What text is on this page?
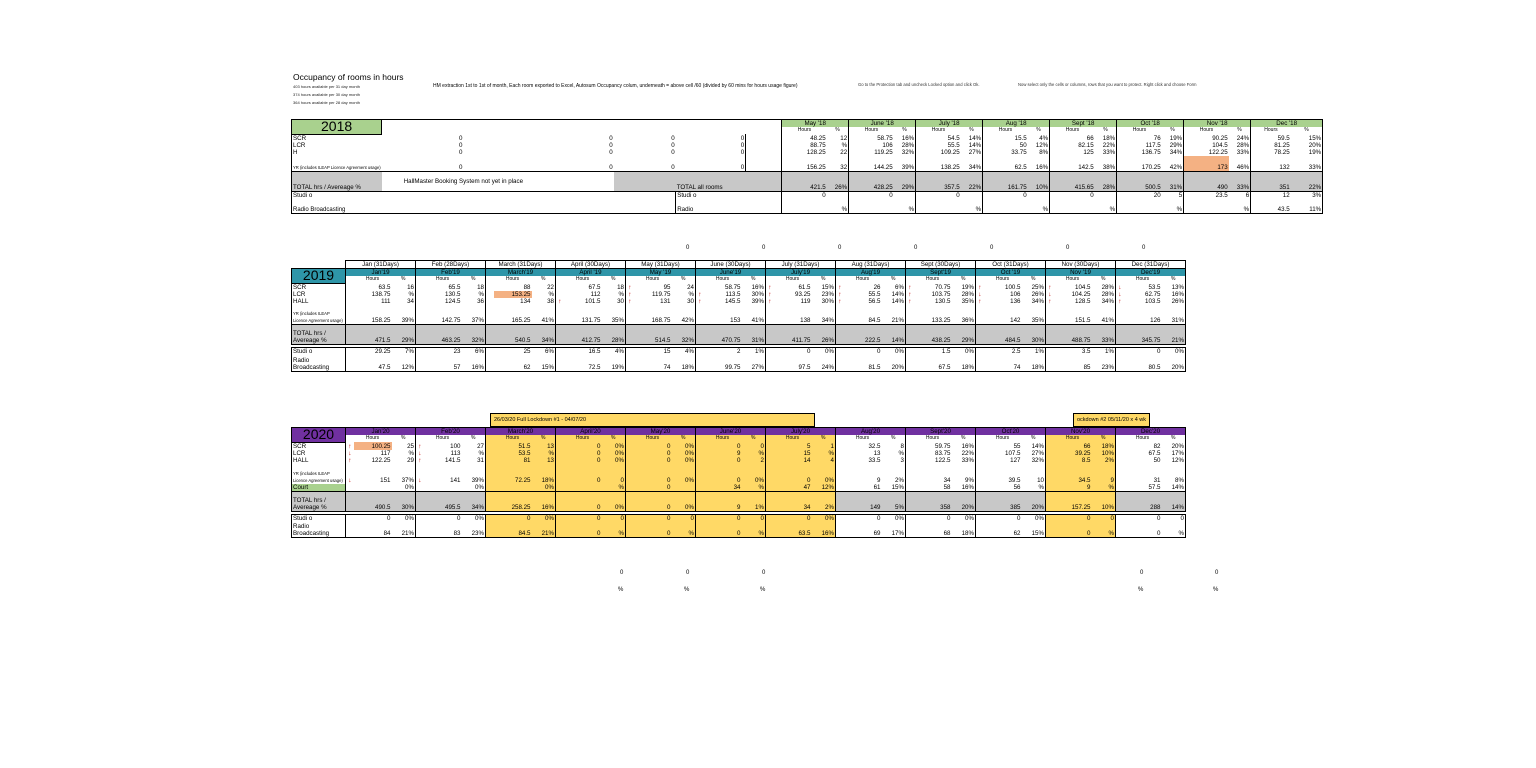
Occupancy of rooms in hours
403 hours available per 31 day month
374 hours available per 30 day month
364 hours available per 28 day month
HM extraction 1st to 1st of month, Each room exported to Excel, Autosum Occupancy colum, underneath = above cell /60 (divided by 60 mins for hours usage figure)	Go to the Protection tab and uncheck Locked option and click Ok.	Now select only the cells or columns, rows that you want to protect. Right click and choose Form
2018						May '18		June '18		July '18		Aug '18		Sept '18		Oct '18		Nov '18		Dec '18	
						Hours	%	Hours	%	Hours	%	Hours	%	Hours	%	Hours	%	Hours	%	Hours	%
SCR	0	0	0	0		48.25	12	58.75	16%	54.5	14%	15.5	4%	66	18%	76	19%	90.25	24%	59.5	15%
LCR	0	0	0	0		88.75	%	106	28%	55.5	14%	50	12%	82.15	22%	117.5	29%	104.5	28%	81.25	20%
H	0	0	0	0		128.25	22	119.25	32%	109.25	27%	33.75	8%	125	33%	136.75	34%	122.25	33%	78.25	19%
YR (includes ILEAP Licence Agreement usage)	0	0	0	0		156.25	32	144.25	39%	138.25	34%	62.5	16%	142.5	38%	170.25	42%	173	46%	132	33%
TOTAL hrs / Avereage %	HallMaster Booking System not yet in place			TOTAL all rooms		421.5	26%	428.25	29%	357.5	22%	161.75	10%	415.65	28%	500.5	31%	490	33%	351	22%
Studi o				Studi o		0		0		0		0		0		20	5	23.5	6	12	3%
Radio Broadcasting				Radio			%		%		%		%		%		%		%	43.5	11%
	Jan (31Days)			Feb (28Days)			March (31Days)			April (30Days)			May (31Days)			June (30Days)			July (31Days)			Aug (31Days)			Sept (30Days)			Oct (31Days)			Nov (30Days)			Dec (31Days)		
2019	Jan'19			Feb'19			March'19			April '19			May '19			June'19			July'19			Aug'19			Sept'19			Oct '19			Nov '19			Dec'19		
		Hours	%		Hours	%		Hours	%		Hours	%		Hours	%		Hours	%		Hours	%		Hours	%		Hours	%		Hours	%		Hours	%		Hours	%
SCR		63.5	16		65.5	18		88	22		67.5	18	↑	95	24		58.75	16%	↑	61.5	15%	↑	26	6%	↑	70.75	19%	↑	100.5	25%	↑	104.5	28%	↓	53.5	13%
LCR		138.75	%		130.5	%		153.25	%		112	%	↑	119.75	%	↑	113.5	30%	↑	93.25	23%	↑	55.5	14%	↑	103.75	28%	↓	106	26%	↓	104.25	28%	↓	62.75	16%
HALL		111	34		124.5	36		134	38	↑	101.5	30	↑	131	30	↑	145.5	39%	↑	119	30%	↑	56.5	14%	↑	130.5	35%	↑	136	34%	↑	128.5	34%	↑	103.5	26%
YR (includes ILEAP Licence Agreement usage)		158.25	39%		142.75	37%		165.25	41%		131.75	35%		168.75	42%		153	41%		138	34%		84.5	21%		133.25	36%		142	35%		151.5	41%		126	31%
TOTAL hrs / Avereage %		471.5	29%		463.25	32%		540.5	34%		412.75	28%		514.5	32%		470.75	31%		411.75	26%		222.5	14%		438.25	29%		484.5	30%		488.75	33%		345.75	21%

Studi o		29.25	7%		23	6%		25	6%		16.5	4%		15	4%		2	1%		0	0%		0	0%		1.5	0%		2.5	1%		3.5	1%		0	0%
Radio Broadcasting		47.5	12%		57	16%		62	15%		72.5	19%		74	18%		99.75	27%		97.5	24%		81.5	20%		67.5	18%		74	18%		85	23%		80.5	20%
2020	Jan'20			Feb'20			March'20			April'20			May'20			June'20			July'20			Aug'20			Sept'20			Oct'20			Nov'20			Dec'20		
		Hours	%		Hours	%		Hours	%		Hours	%		Hours	%		Hours	%		Hours	%		Hours	%		Hours	%		Hours	%		Hours	%		Hours	%
SCR	↑	100.25	25	↑	100	27		51.5	13		0	0%		0	0%		0	0		5	1		32.5	8		59.75	16%		55	14%		66	18%		82	20%
LCR	↓	117	%	↓	113	%		53.5	%		0	0%		0	0%		9	%		15	%		13	%		83.75	22%		107.5	27%		39.25	10%		67.5	17%
HALL	↑	122.25	29	↑	141.5	31		81	13		0	0%		0	0%		0	2		14	4		33.5	3		122.5	33%		127	32%		8.5	2%		50	12%
YR (includes ILEAP Licence Agreement usage)	↓	151	37%	↓	141	39%		72.25	18%		0	0		0	0%		0	0%		0	0%		9	2%		34	9%		39.5	10		34.5	9		31	8%
Court			0%			0%			0%			%		0			34	%		47	12%		61	15%		58	16%		56	%		9	%		57.5	14%
TOTAL hrs / Avereage %		490.5	30%		495.5	34%		258.25	16%		0	0%		0	0%		9	1%		34	2%		149	5%		358	20%		385	20%		157.25	10%		288	14%

Studi o		0	0%		0	0%		0	0%		0	0		0	0		0	0		0	0%		0	0%		0	0%		0	0%		0	0		0	0
Radio Broadcasting		84	21%		83	23%		84.5	21%		0	%		0	%		0	%		63.5	16%		69	17%		68	18%		62	15%		0	%		0	%
0	0	0	0	0	0	0
26/03/20 Full Lockdown #1 - 04/07/20	ockdown #2 05/11/20 x 4 wk
0
%
0
%
0
%
0
%
0
%
